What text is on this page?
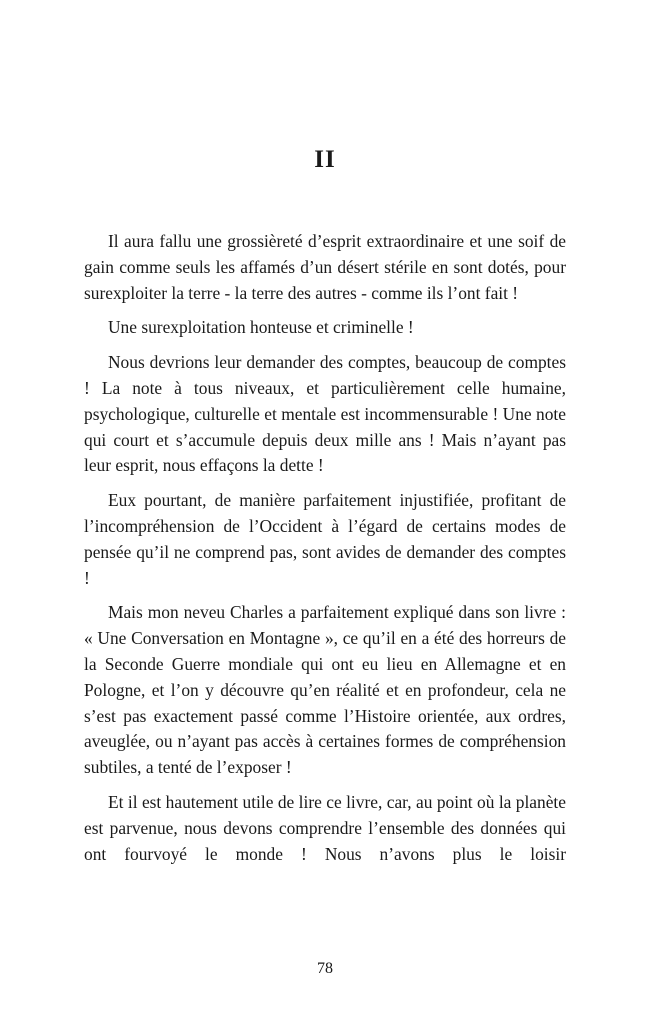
II

Il aura fallu une grossièreté d’esprit extraordinaire et une soif de gain comme seuls les affamés d’un désert stérile en sont dotés, pour surexploiter la terre - la terre des autres - comme ils l’ont fait !

Une surexploitation honteuse et criminelle !

Nous devrions leur demander des comptes, beaucoup de comptes ! La note à tous niveaux, et particulièrement celle humaine, psychologique, culturelle et mentale est incommensurable ! Une note qui court et s’accumule depuis deux mille ans ! Mais n’ayant pas leur esprit, nous effaçons la dette !

Eux pourtant, de manière parfaitement injustifiée, profitant de l’incompréhension de l’Occident à l’égard de certains modes de pensée qu’il ne comprend pas, sont avides de demander des comptes !

Mais mon neveu Charles a parfaitement expliqué dans son livre : « Une Conversation en Montagne », ce qu’il en a été des horreurs de la Seconde Guerre mondiale qui ont eu lieu en Allemagne et en Pologne, et l’on y découvre qu’en réalité et en profondeur, cela ne s’est pas exactement passé comme l’Histoire orientée, aux ordres, aveuglée, ou n’ayant pas accès à certaines formes de compréhension subtiles, a tenté de l’exposer !

Et il est hautement utile de lire ce livre, car, au point où la planète est parvenue, nous devons comprendre l’ensemble des données qui ont fourvoyé le monde ! Nous n’avons plus le loisir

78
